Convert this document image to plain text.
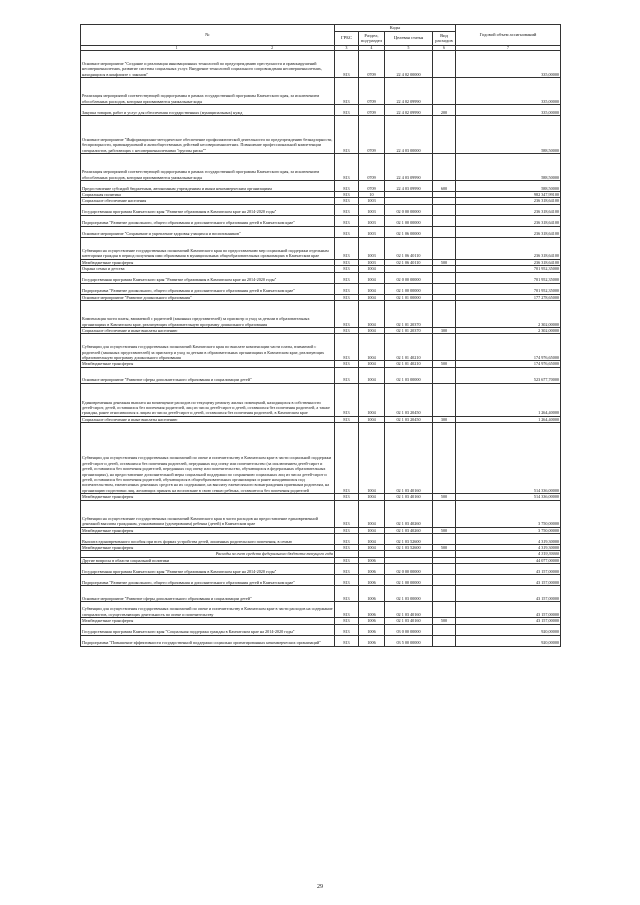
№	Коды				Годовой объем ассигнований
	ГРБС	Раздел, под-раздел	Целевая статья	Вид расходов	
1 2	3	4	5	6	7
Основное мероприятие "Создание и реализация инновационных технологий по предупреждению преступности и правонарушений несовершеннолетних, развитие системы социальных услуг. Внедрение технологий социального сопровождения несовершеннолетних, находящихся в конфликте с законом"	813	0709	22 4 02 00000		335,00000
Реализация мероприятий соответствующей подпрограммы в рамках государственной программы Камчатского края, за исключением обособленных расходов, которым присваиваются уникальные коды	813	0709	22 4 02 09990		335,00000
Закупка товаров, работ и услуг для обеспечения государственных (муниципальных) нужд	813	0709	22 4 02 09990	200	335,00000
Основное мероприятие "Информационно-методическое обеспечение профилактической деятельности по предупреждению безнадзорности, беспризорности, правонарушений и антиобщественных действий несовершеннолетних. Повышение профессиональной компетенции специалистов, работающих с несовершеннолетними "группы риска""	813	0709	22 4 03 00000		588,50000
Реализация мероприятий соответствующей подпрограммы в рамках государственной программы Камчатского края, за исключением обособленных расходов, которым присваиваются уникальные коды	813	0709	22 4 03 09990		588,50000
Предоставление субсидий бюджетным, автономным учреждениям и иным некоммерческим организациям	813	0709	22 4 03 09990	600	588,50000
Социальная политика	813	10			982 347,99100
Социальное обеспечение населения	813	1003			236 318,64100
Государственная программа Камчатского края "Развитие образования в Камчатском крае на 2014-2020 годы"	813	1003	02 0 00 00000		236 318,64100
Подпрограмма "Развитие дошкольного, общего образования и дополнительного образования детей в Камчатском крае"	813	1003	02 1 00 00000		236 318,64100
Основное мероприятие "Сохранение и укрепление здоровья учащихся и воспитанников"	813	1003	02 1 06 00000		236 318,64100
Субвенции на осуществление государственных полномочий Камчатского края по предоставлению мер социальной поддержки отдельным категориям граждан в период получения ими образования в муниципальных общеобразовательных организациях в Камчатском крае	813	1003	02 1 06 40110		236 318,64100
Межбюджетные трансферты	813	1003	02 1 06 40110	500	236 318,64100
Охрана семьи и детства	813	1004			701 952,35000
Государственная программа Камчатского края "Развитие образования в Камчатском крае на 2014-2020 годы"	813	1004	02 0 00 00000		701 952,35000
Подпрограмма "Развитие дошкольного, общего образования и дополнительного образования детей в Камчатском крае"	813	1004	02 1 00 00000		701 952,35000
Основное мероприятие "Развитие дошкольного образования"	813	1004	02 1 01 00000		177 278,65000
Компенсация части платы, взимаемой с родителей (законных представителей) за присмотр и уход за детьми в образовательных организациях в Камчатском крае, реализующих образовательную программу дошкольного образования	813	1004	02 1 01 20370		2 302,00000
Социальное обеспечение и иные выплаты населению	813	1004	02 1 01 20370	300	2 302,00000
Субвенции для осуществления государственных полномочий Камчатского края по выплате компенсации части платы, взимаемой с родителей (законных представителей) за присмотр и уход за детьми в образовательных организациях в Камчатском крае, реализующих образовательную программу дошкольного образования	813	1004	02 1 01 40210		174 976,65000
Межбюджетные трансферты	813	1004	02 1 01 40210	500	174 976,65000
Основное мероприятие "Развитие сферы дополнительного образования и социализации детей"	813	1004	02 1 03 00000		523 677,70000
Единовременная денежная выплата на возмещение расходов по текущему ремонту жилых помещений, находящихся в собственности детей-сирот, детей, оставшихся без попечения родителей, лиц из числа детей-сирот и детей, оставшихся без попечения родителей, а также граждан, ранее относившихся к лицам из числа детей-сирот и детей, оставшихся без попечения родителей, в Камчатском крае	813	1004	02 1 03 20450		1 264,40000
Социальное обеспечение и иные выплаты населению	813	1004	02 1 03 20450	300	1 264,40000
Субвенции для осуществления государственных полномочий по опеке и попечительству в Камчатском крае в части социальной поддержки детей-сирот и детей, оставшихся без попечения родителей, переданных под опеку или попечительство (за исключением детей-сирот и детей, оставшихся без попечения родителей, переданных под опеку или попечительство, обучающихся в федеральных образовательных организациях), на предоставление дополнительной меры социальной поддержки по сохранению социальных лиц из числа детей-сирот и детей, оставшихся без попечения родителей, обучающихся в общеобразовательных организациях и ранее находившихся под попечительством, ежемесячных денежных средств на их содержание, на выплату ежемесячного вознаграждения приемным родителям, на организацию подготовки лиц, желающих принять на воспитание в свою семью ребенка, оставшегося без попечения родителей	813	1004	02 1 03 40160		514 336,00000
Межбюджетные трансферты	813	1004	02 1 03 40160	500	514 336,00000
Субвенции на осуществление государственных полномочий Камчатского края в части расходов на предоставление единовременной денежной выплаты гражданам, усыновившим (удочерившим) ребенка (детей) в Камчатском крае	813	1004	02 1 03 40260		3 750,00000
Межбюджетные трансферты	813	1004	02 1 03 40260	500	3 750,00000
Выплата единовременного пособия при всех формах устройства детей, лишенных родительского попечения, в семью	813	1004	02 1 03 52600		4 319,30000
Межбюджетные трансферты	813	1004	02 1 03 52600	500	4 319,30000
Расходы за счет средств федерального бюджета текущего года					4 319,30000
Другие вопросы в области социальной политики	813	1006			44 077,00000
Государственная программа Камчатского края "Развитие образования в Камчатском крае на 2014-2020 годы"	813	1006	02 0 00 00000		43 157,00000
Подпрограмма "Развитие дошкольного, общего образования и дополнительного образования детей в Камчатском крае"	813	1006	02 1 00 00000		43 157,00000
Основное мероприятие "Развитие сферы дополнительного образования и социализации детей"	813	1006	02 1 03 00000		43 157,00000
Субвенции для осуществления государственных полномочий по опеке и попечительству в Камчатском крае в части расходов на содержание специалистов, осуществляющих деятельность по опеке и попечительству	813	1006	02 1 03 40160		43 157,00000
Межбюджетные трансферты	813	1006	02 1 03 40160	500	43 157,00000
Государственная программа Камчатского края "Социальная поддержка граждан в Камчатском крае на 2014-2020 годы"	813	1006	03 0 00 00000		920,00000
Подпрограмма "Повышение эффективности государственной поддержки социально ориентированных некоммерческих организаций"	813	1006	03 5 00 00000		920,00000
29
